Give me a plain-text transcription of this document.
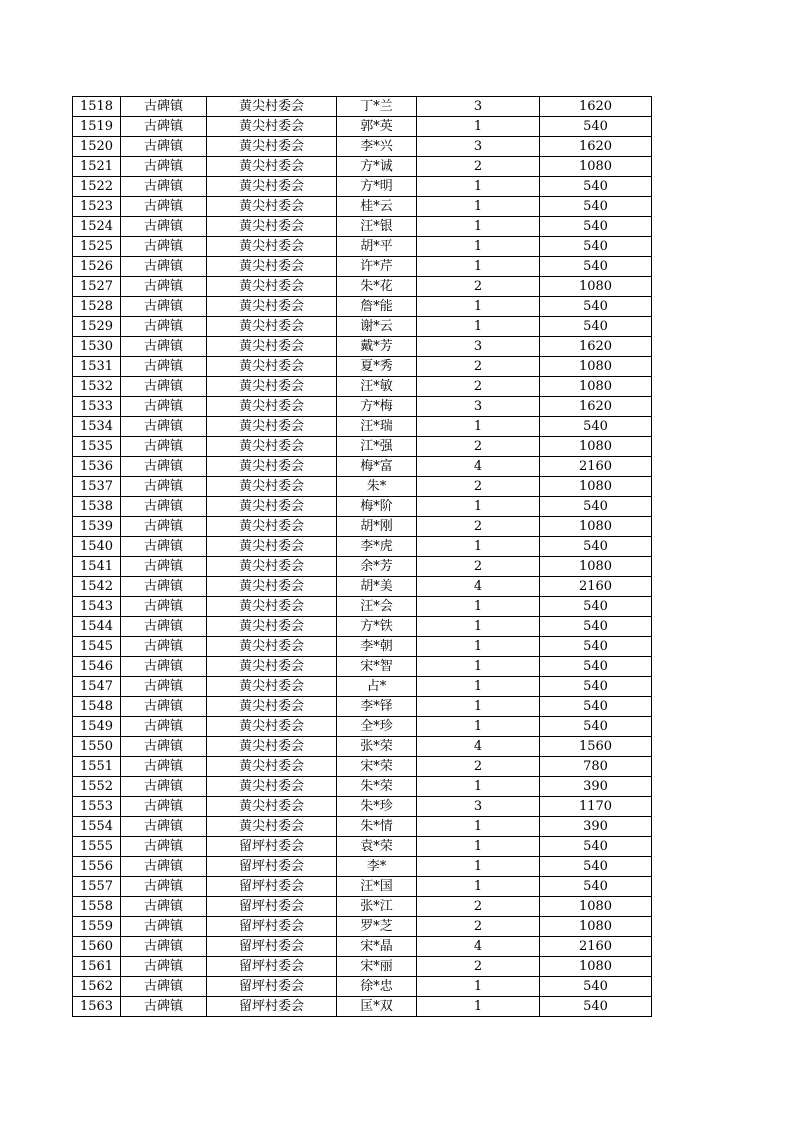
1518	古碑镇	黄尖村委会	丁*兰	3	1620
1519	古碑镇	黄尖村委会	郭*英	1	540
1520	古碑镇	黄尖村委会	李*兴	3	1620
1521	古碑镇	黄尖村委会	方*诚	2	1080
1522	古碑镇	黄尖村委会	方*明	1	540
1523	古碑镇	黄尖村委会	桂*云	1	540
1524	古碑镇	黄尖村委会	汪*银	1	540
1525	古碑镇	黄尖村委会	胡*平	1	540
1526	古碑镇	黄尖村委会	许*芹	1	540
1527	古碑镇	黄尖村委会	朱*花	2	1080
1528	古碑镇	黄尖村委会	詹*能	1	540
1529	古碑镇	黄尖村委会	谢*云	1	540
1530	古碑镇	黄尖村委会	戴*芳	3	1620
1531	古碑镇	黄尖村委会	夏*秀	2	1080
1532	古碑镇	黄尖村委会	汪*敏	2	1080
1533	古碑镇	黄尖村委会	方*梅	3	1620
1534	古碑镇	黄尖村委会	汪*瑞	1	540
1535	古碑镇	黄尖村委会	江*强	2	1080
1536	古碑镇	黄尖村委会	梅*富	4	2160
1537	古碑镇	黄尖村委会	朱*	2	1080
1538	古碑镇	黄尖村委会	梅*阶	1	540
1539	古碑镇	黄尖村委会	胡*刚	2	1080
1540	古碑镇	黄尖村委会	李*虎	1	540
1541	古碑镇	黄尖村委会	余*芳	2	1080
1542	古碑镇	黄尖村委会	胡*美	4	2160
1543	古碑镇	黄尖村委会	汪*会	1	540
1544	古碑镇	黄尖村委会	方*铁	1	540
1545	古碑镇	黄尖村委会	李*朝	1	540
1546	古碑镇	黄尖村委会	宋*智	1	540
1547	古碑镇	黄尖村委会	占*	1	540
1548	古碑镇	黄尖村委会	李*铎	1	540
1549	古碑镇	黄尖村委会	全*珍	1	540
1550	古碑镇	黄尖村委会	张*荣	4	1560
1551	古碑镇	黄尖村委会	宋*荣	2	780
1552	古碑镇	黄尖村委会	朱*荣	1	390
1553	古碑镇	黄尖村委会	朱*珍	3	1170
1554	古碑镇	黄尖村委会	朱*情	1	390
1555	古碑镇	留坪村委会	袁*荣	1	540
1556	古碑镇	留坪村委会	李*	1	540
1557	古碑镇	留坪村委会	汪*国	1	540
1558	古碑镇	留坪村委会	张*江	2	1080
1559	古碑镇	留坪村委会	罗*芝	2	1080
1560	古碑镇	留坪村委会	宋*晶	4	2160
1561	古碑镇	留坪村委会	宋*丽	2	1080
1562	古碑镇	留坪村委会	徐*忠	1	540
1563	古碑镇	留坪村委会	匡*双	1	540
